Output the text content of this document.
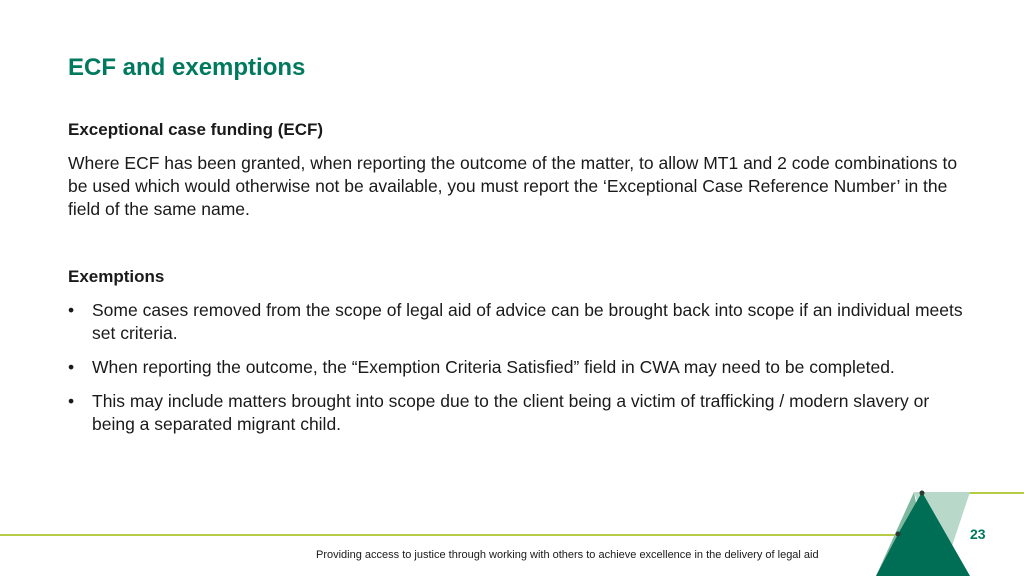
ECF and exemptions
Exceptional case funding (ECF)
Where ECF has been granted, when reporting the outcome of the matter, to allow MT1 and 2 code combinations to be used which would otherwise not be available, you must report the ‘Exceptional Case Reference Number’ in the field of the same name.
Exemptions
• Some cases removed from the scope of legal aid of advice can be brought back into scope if an individual meets set criteria.
• When reporting the outcome, the “Exemption Criteria Satisfied” field in CWA may need to be completed.
• This may include matters brought into scope due to the client being a victim of trafficking / modern slavery or being a separated migrant child.
23
Providing access to justice through working with others to achieve excellence in the delivery of legal aid
